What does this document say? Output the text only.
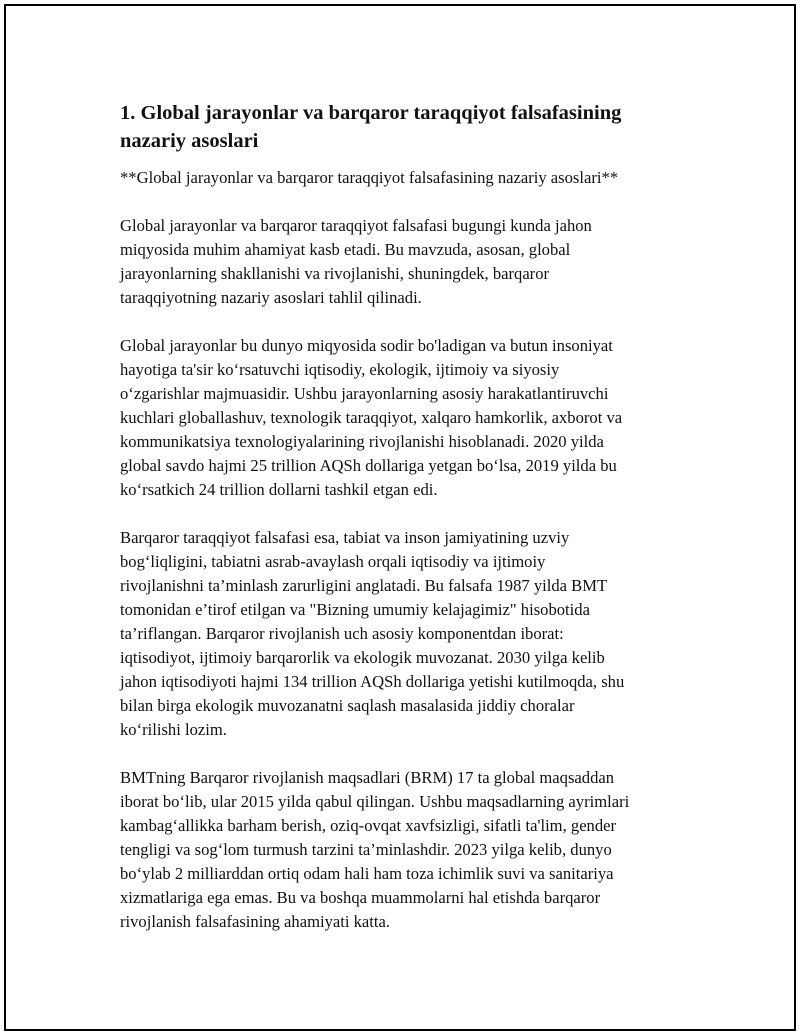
1. Global jarayonlar va barqaror taraqqiyot falsafasining
nazariy asoslari

**Global jarayonlar va barqaror taraqqiyot falsafasining nazariy asoslari**

Global jarayonlar va barqaror taraqqiyot falsafasi bugungi kunda jahon
miqyosida muhim ahamiyat kasb etadi. Bu mavzuda, asosan, global
jarayonlarning shakllanishi va rivojlanishi, shuningdek, barqaror
taraqqiyotning nazariy asoslari tahlil qilinadi.

Global jarayonlar bu dunyo miqyosida sodir bo'ladigan va butun insoniyat
hayotiga ta'sir ko‘rsatuvchi iqtisodiy, ekologik, ijtimoiy va siyosiy
o‘zgarishlar majmuasidir. Ushbu jarayonlarning asosiy harakatlantiruvchi
kuchlari globallashuv, texnologik taraqqiyot, xalqaro hamkorlik, axborot va
kommunikatsiya texnologiyalarining rivojlanishi hisoblanadi. 2020 yilda
global savdo hajmi 25 trillion AQSh dollariga yetgan bo‘lsa, 2019 yilda bu
ko‘rsatkich 24 trillion dollarni tashkil etgan edi.

Barqaror taraqqiyot falsafasi esa, tabiat va inson jamiyatining uzviy
bog‘liqligini, tabiatni asrab-avaylash orqali iqtisodiy va ijtimoiy
rivojlanishni ta’minlash zarurligini anglatadi. Bu falsafa 1987 yilda BMT
tomonidan e’tirof etilgan va "Bizning umumiy kelajagimiz" hisobotida
ta’riflangan. Barqaror rivojlanish uch asosiy komponentdan iborat:
iqtisodiyot, ijtimoiy barqarorlik va ekologik muvozanat. 2030 yilga kelib
jahon iqtisodiyoti hajmi 134 trillion AQSh dollariga yetishi kutilmoqda, shu
bilan birga ekologik muvozanatni saqlash masalasida jiddiy choralar
ko‘rilishi lozim.

BMTning Barqaror rivojlanish maqsadlari (BRM) 17 ta global maqsaddan
iborat bo‘lib, ular 2015 yilda qabul qilingan. Ushbu maqsadlarning ayrimlari
kambag‘allikka barham berish, oziq-ovqat xavfsizligi, sifatli ta'lim, gender
tengligi va sog‘lom turmush tarzini ta’minlashdir. 2023 yilga kelib, dunyo
bo‘ylab 2 milliarddan ortiq odam hali ham toza ichimlik suvi va sanitariya
xizmatlariga ega emas. Bu va boshqa muammolarni hal etishda barqaror
rivojlanish falsafasining ahamiyati katta.
